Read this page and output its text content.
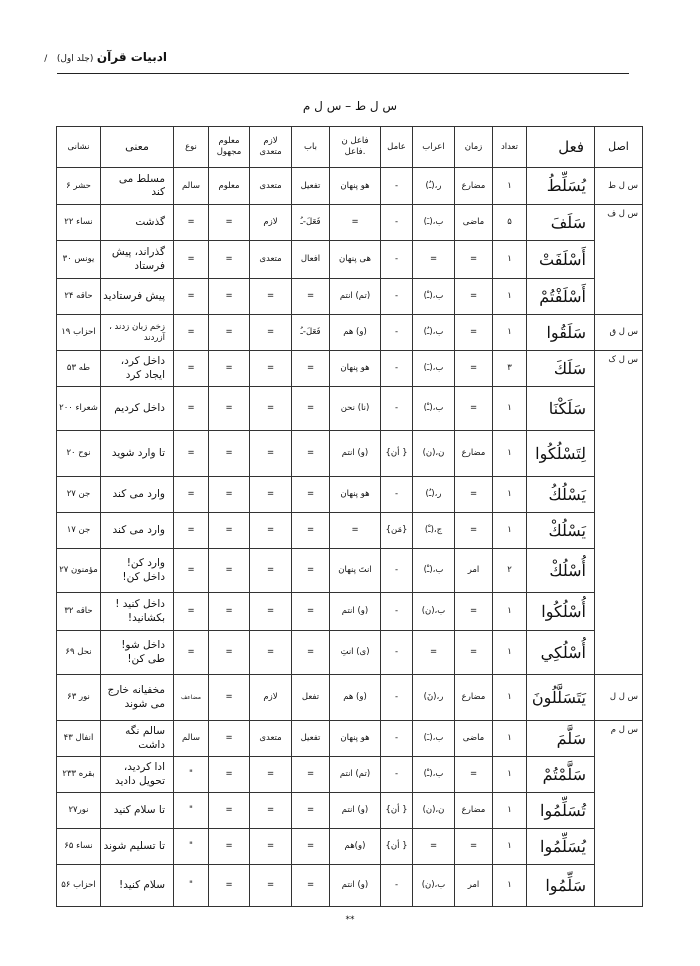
ادبیات قرآن (جلد اول) /
س ل ط – س ل م
اصل	فعل	تعداد	زمان	اعراب	عامل	فاعل ن .فاعل	باب	لازم متعدی	معلوم مجهول	نوع	معنی	نشانی
س ل ط	يُسَلِّطُ	۱	مضارع	ر،(ـُ)	-	هو پنهان	تفعیل	متعدی	معلوم	سالم	مسلط می کند	حشر ۶
س ل ف	سَلَفَ	۵	ماضی	ب،(ـَ)	-	=	فَعَلَ-ـُ	لازم	=	=	گذشت	نساء ۲۲
	أَسْلَفَتْ	۱	=	=	-	هی پنهان	افعال	متعدی	=	=	گذراند، پیش فرستاد	یونس ۳۰
	أَسْلَفْتُمْ	۱	=	ب،(ـْ)	-	(تم) انتم	=	=	=	=	پیش فرستادید	حاقه ۲۴
س ل ق	سَلَقُوا	۱	=	ب،(ـُ)	-	(و) هم	فَعَلَ-ـُ	=	=	=	زخم زبان زدند ، آزردند	احزاب ۱۹
س ل ک	سَلَكَ	۳	=	ب،(ـَ)	-	هو پنهان	=	=	=	=	داخل کرد، ایجاد کرد	طه ۵۳
	سَلَكْنَا	۱	=	ب،(ـْ)	-	(نا) نحن	=	=	=	=	داخل کردیم	شعراء ۲۰۰
	لِتَسْلُكُوا	۱	مضارع	ن،(ن)	{ أن}	(و) انتم	=	=	=	=	تا وارد شوید	نوح ۲۰
	يَسْلُكُ	۱	=	ر،(ـُ)	-	هو پنهان	=	=	=	=	وارد می کند	جن ۲۷
	يَسْلُكْ	۱	=	ج،(ـْ)	{مَن}	=	=	=	=	=	وارد می کند	جن ۱۷
	أُسْلُكْ	۲	امر	ب،(ـْ)	-	انتَ پنهان	=	=	=	=	وارد کن! داخل کن!	مؤمنون ۲۷
	أُسْلُكُوا	۱	=	ب،(ن)	-	(و) انتم	=	=	=	=	داخل کنید ! بکشانید!	حاقه ۳۲
	أُسْلُكِي	۱	=	=	-	(ی) انتِ	=	=	=	=	داخل شو! طی کن!	نحل ۶۹
س ل ل	يَتَسَلَّلُونَ	۱	مضارع	ر،(نَ)	-	(و) هم	تفعل	لازم	=	مضاعف	مخفیانه خارج می شوند	نور ۶۳
س ل م	سَلَّمَ	۱	ماضی	ب،(ـَ)	-	هو پنهان	تفعیل	متعدی	=	سالم	سالم نگه داشت	انفال ۴۳
	سَلَّمْتُمْ	۱	=	ب،(ـْ)	-	(تم) انتم	=	=	=	"	ادا کردید، تحویل دادید	بقره ۲۳۳
	تُسَلِّمُوا	۱	مضارع	ن،(ن)	{ أن}	(و) انتم	=	=	=	"	تا سلام کنید	نور۲۷
	يُسَلِّمُوا	۱	=	=	{ أن}	(و)هم	=	=	=	"	تا تسلیم شوند	نساء ۶۵
	سَلِّمُوا	۱	امر	ب،(ن)	-	(و) انتم	=	=	=	"	سلام کنید!	احزاب ۵۶
**
